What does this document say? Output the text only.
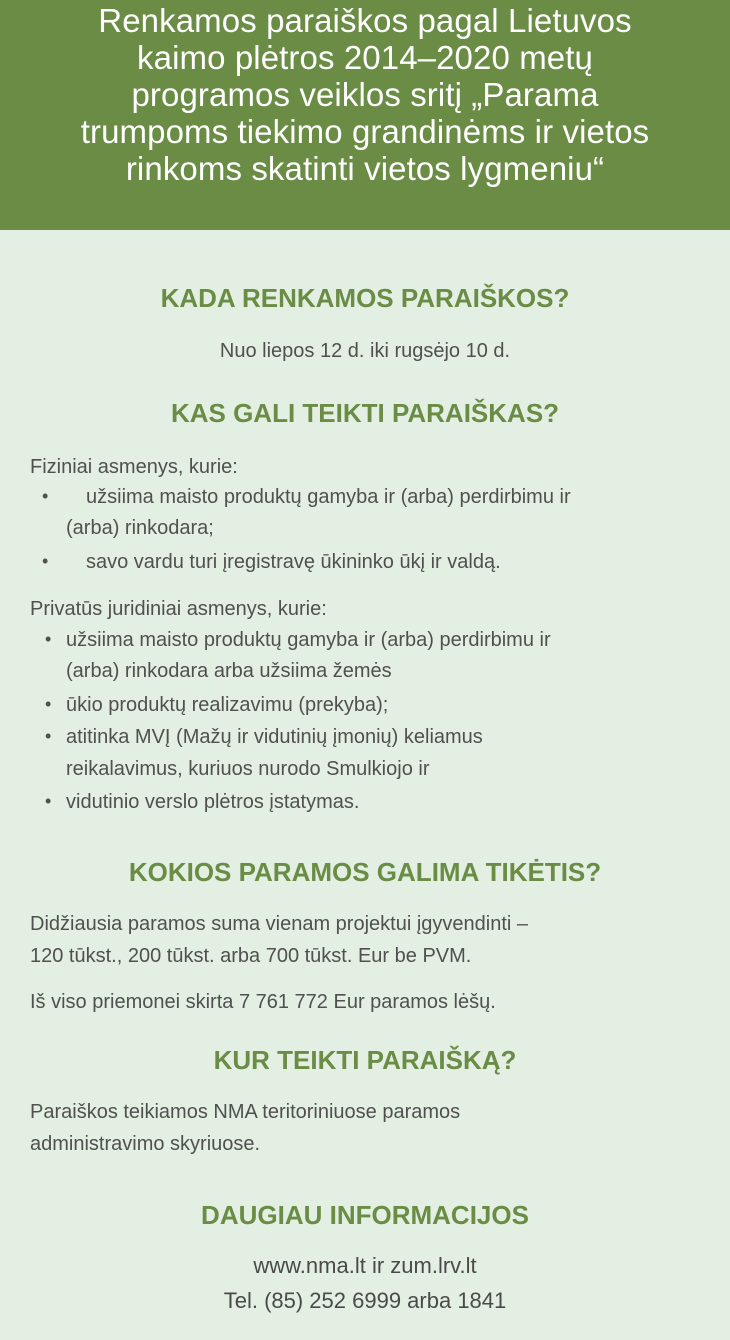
Renkamos paraiškos pagal Lietuvos
kaimo plėtros 2014–2020 metų
programos veiklos sritį „Parama
trumpoms tiekimo grandinėms ir vietos
rinkoms skatinti vietos lygmeniu“
KADA RENKAMOS PARAIŠKOS?
Nuo liepos 12 d. iki rugsėjo 10 d.
KAS GALI TEIKTI PARAIŠKAS?
Fiziniai asmenys, kurie:
• užsiima maisto produktų gamyba ir (arba) perdirbimu ir
(arba) rinkodara;
• savo vardu turi įregistravę ūkininko ūkį ir valdą.
Privatūs juridiniai asmenys, kurie:
• užsiima maisto produktų gamyba ir (arba) perdirbimu ir
(arba) rinkodara arba užsiima žemės
• ūkio produktų realizavimu (prekyba);
• atitinka MVĮ (Mažų ir vidutinių įmonių) keliamus
reikalavimus, kuriuos nurodo Smulkiojo ir
• vidutinio verslo plėtros įstatymas.
KOKIOS PARAMOS GALIMA TIKĖTIS?
Didžiausia paramos suma vienam projektui įgyvendinti –
120 tūkst., 200 tūkst. arba 700 tūkst. Eur be PVM.
Iš viso priemonei skirta 7 761 772 Eur paramos lėšų.
KUR TEIKTI PARAIŠKĄ?
Paraiškos teikiamos NMA teritoriniuose paramos
administravimo skyriuose.
DAUGIAU INFORMACIJOS
www.nma.lt ir zum.lrv.lt
Tel. (85) 252 6999 arba 1841
